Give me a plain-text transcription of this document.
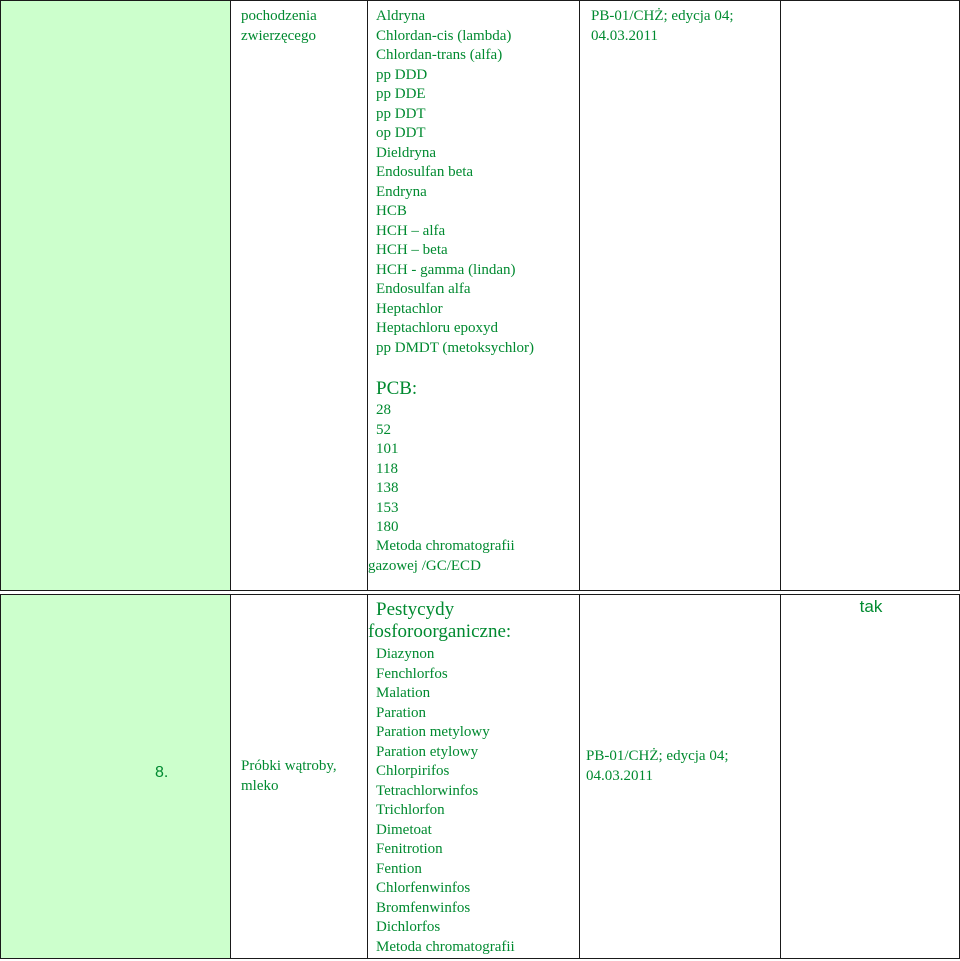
pochodzenia zwierzęcego
Aldryna
Chlordan-cis (lambda)
Chlordan-trans (alfa)
pp DDD
pp DDE
pp DDT
op DDT
Dieldryna
Endosulfan beta
Endryna
HCB
HCH – alfa
HCH – beta
HCH - gamma (lindan)
Endosulfan alfa
Heptachlor
Heptachloru epoxyd
pp DMDT (metoksychlor)
PCB:
28
52
101
118
138
153
180
Metoda chromatografii
gazowej /GC/ECD
PB-01/CHŻ; edycja 04; 04.03.2011
8.	Próbki wątroby, mleko
Pestycydy
fosforoorganiczne:
Diazynon
Fenchlorfos
Malation
Paration
Paration metylowy
Paration etylowy
Chlorpirifos
Tetrachlorwinfos
Trichlorfon
Dimetoat
Fenitrotion
Fention
Chlorfenwinfos
Bromfenwinfos
Dichlorfos
Metoda chromatografii
PB-01/CHŻ; edycja 04; 04.03.2011
tak
